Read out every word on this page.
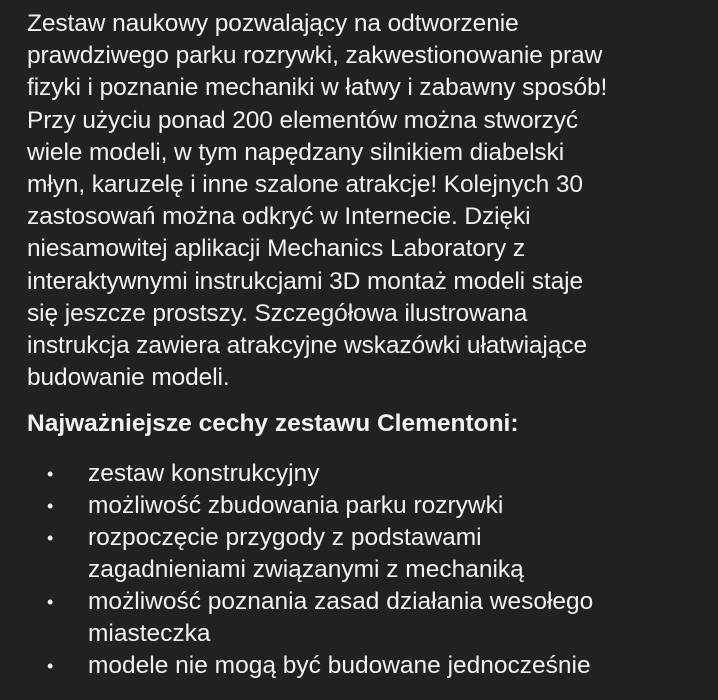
Zestaw naukowy pozwalający na odtworzenie
prawdziwego parku rozrywki, zakwestionowanie praw
fizyki i poznanie mechaniki w łatwy i zabawny sposób!
Przy użyciu ponad 200 elementów można stworzyć
wiele modeli, w tym napędzany silnikiem diabelski
młyn, karuzelę i inne szalone atrakcje! Kolejnych 30
zastosowań można odkryć w Internecie. Dzięki
niesamowitej aplikacji Mechanics Laboratory z
interaktywnymi instrukcjami 3D montaż modeli staje
się jeszcze prostszy. Szczegółowa ilustrowana
instrukcja zawiera atrakcyjne wskazówki ułatwiające
budowanie modeli.

Najważniejsze cechy zestawu Clementoni:
• zestaw konstrukcyjny
• możliwość zbudowania parku rozrywki
• rozpoczęcie przygody z podstawami
zagadnieniami związanymi z mechaniką
• możliwość poznania zasad działania wesołego
miasteczka
• modele nie mogą być budowane jednocześnie
